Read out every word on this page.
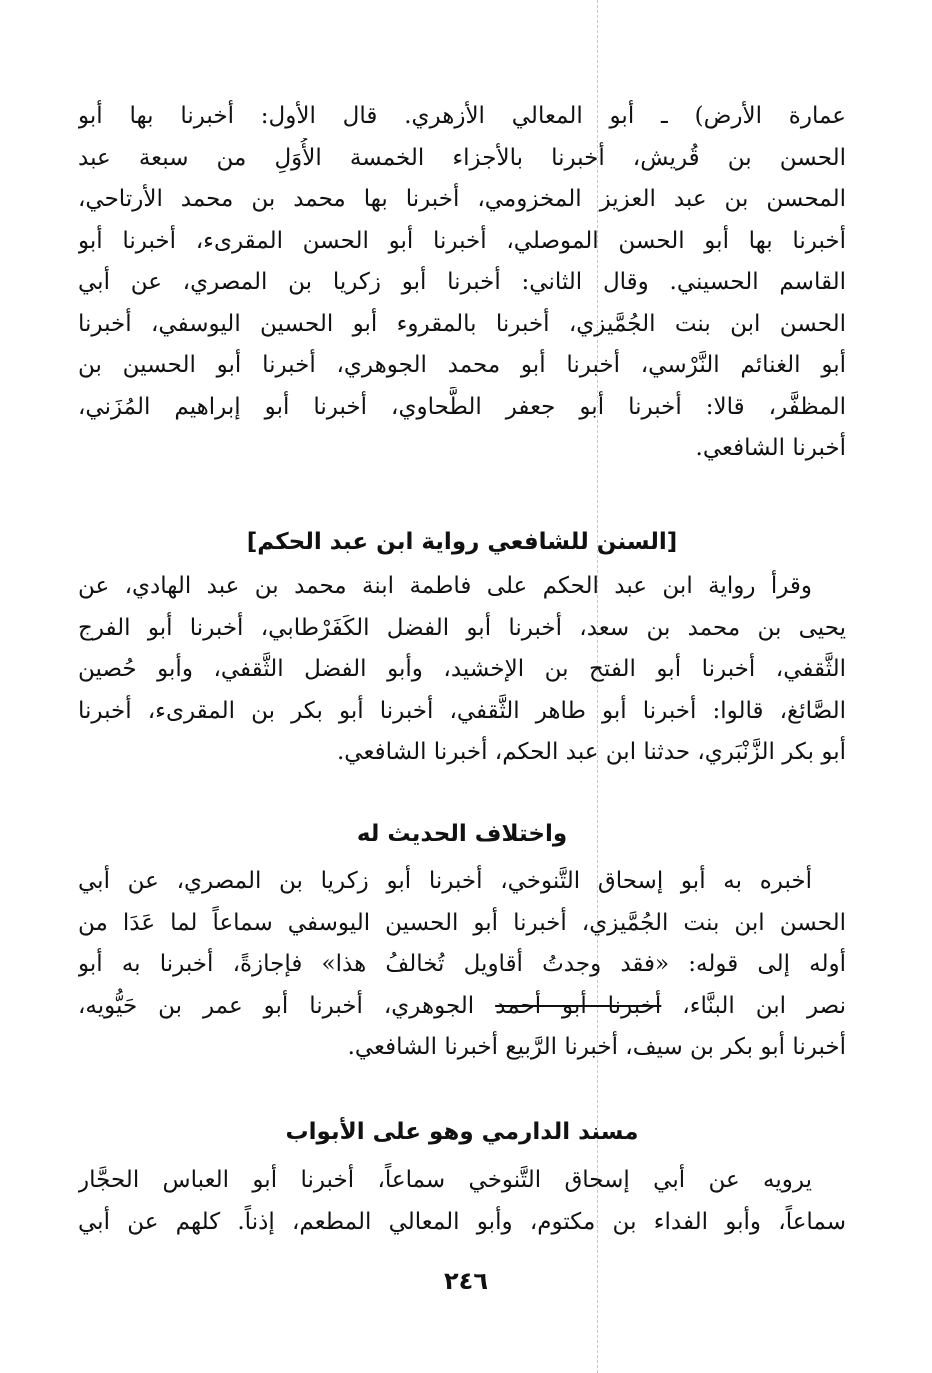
عمارة الأرض) ـ أبو المعالي الأزهري. قال الأول: أخبرنا بها أبو
الحسن بن قُريش، أخبرنا بالأجزاء الخمسة الأُوَلِ من سبعة عبد
المحسن بن عبد العزيز المخزومي، أخبرنا بها محمد بن محمد الأرتاحي،
أخبرنا بها أبو الحسن الموصلي، أخبرنا أبو الحسن المقرىء، أخبرنا أبو
القاسم الحسيني. وقال الثاني: أخبرنا أبو زكريا بن المصري، عن أبي
الحسن ابن بنت الجُمَّيزي، أخبرنا بالمقروء أبو الحسين اليوسفي، أخبرنا
أبو الغنائم النَّرْسي، أخبرنا أبو محمد الجوهري، أخبرنا أبو الحسين بن
المظفَّر، قالا: أخبرنا أبو جعفر الطَّحاوي، أخبرنا أبو إبراهيم المُزَني،
أخبرنا الشافعي.
[السنن للشافعي رواية ابن عبد الحكم]
وقرأ رواية ابن عبد الحكم على فاطمة ابنة محمد بن عبد الهادي، عن
يحيى بن محمد بن سعد، أخبرنا أبو الفضل الكَفَرْطابي، أخبرنا أبو الفرج
الثَّقفي، أخبرنا أبو الفتح بن الإخشيد، وأبو الفضل الثَّقفي، وأبو حُصين
الصَّائغ، قالوا: أخبرنا أبو طاهر الثَّقفي، أخبرنا أبو بكر بن المقرىء، أخبرنا
أبو بكر الزَّنْبَري، حدثنا ابن عبد الحكم، أخبرنا الشافعي.
واختلاف الحديث له
أخبره به أبو إسحاق التَّنوخي، أخبرنا أبو زكريا بن المصري، عن أبي
الحسن ابن بنت الجُمَّيزي، أخبرنا أبو الحسين اليوسفي سماعاً لما عَدَا من
أوله إلى قوله: «فقد وجدتُ أقاويل تُخالفُ هذا» فإجازةً، أخبرنا به أبو
نصر ابن البنَّاء، أخبرنا أبو أحمد الجوهري، أخبرنا أبو عمر بن حَيُّويه،
أخبرنا أبو بكر بن سيف، أخبرنا الرَّبيع أخبرنا الشافعي.
مسند الدارمي وهو على الأبواب
يرويه عن أبي إسحاق التَّنوخي سماعاً، أخبرنا أبو العباس الحجَّار
سماعاً، وأبو الفداء بن مكتوم، وأبو المعالي المطعم، إذناً. كلهم عن أبي
٢٤٦
